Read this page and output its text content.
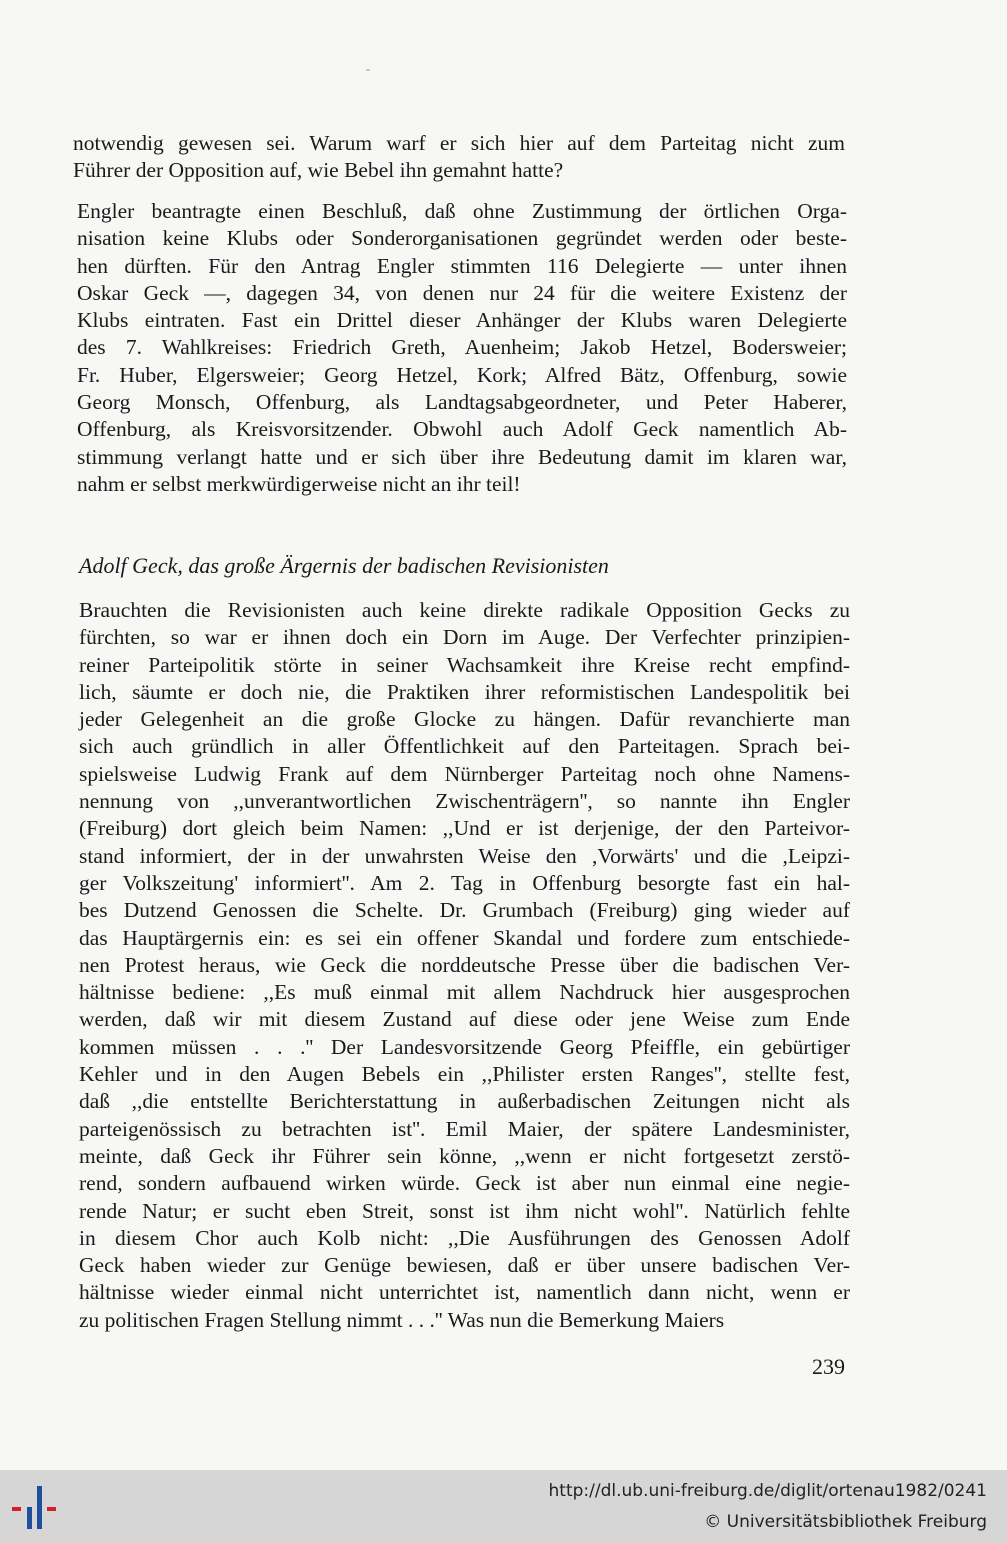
-
notwendig gewesen sei. Warum warf er sich hier auf dem Parteitag nicht zum
Führer der Opposition auf, wie Bebel ihn gemahnt hatte?
Engler beantragte einen Beschluß, daß ohne Zustimmung der örtlichen Orga-
nisation keine Klubs oder Sonderorganisationen gegründet werden oder beste-
hen dürften. Für den Antrag Engler stimmten 116 Delegierte — unter ihnen
Oskar Geck —, dagegen 34, von denen nur 24 für die weitere Existenz der
Klubs eintraten. Fast ein Drittel dieser Anhänger der Klubs waren Delegierte
des 7. Wahlkreises: Friedrich Greth, Auenheim; Jakob Hetzel, Bodersweier;
Fr. Huber, Elgersweier; Georg Hetzel, Kork; Alfred Bätz, Offenburg, sowie
Georg Monsch, Offenburg, als Landtagsabgeordneter, und Peter Haberer,
Offenburg, als Kreisvorsitzender. Obwohl auch Adolf Geck namentlich Ab-
stimmung verlangt hatte und er sich über ihre Bedeutung damit im klaren war,
nahm er selbst merkwürdigerweise nicht an ihr teil!
Adolf Geck, das große Ärgernis der badischen Revisionisten
Brauchten die Revisionisten auch keine direkte radikale Opposition Gecks zu
fürchten, so war er ihnen doch ein Dorn im Auge. Der Verfechter prinzipien-
reiner Parteipolitik störte in seiner Wachsamkeit ihre Kreise recht empfind-
lich, säumte er doch nie, die Praktiken ihrer reformistischen Landespolitik bei
jeder Gelegenheit an die große Glocke zu hängen. Dafür revanchierte man
sich auch gründlich in aller Öffentlichkeit auf den Parteitagen. Sprach bei-
spielsweise Ludwig Frank auf dem Nürnberger Parteitag noch ohne Namens-
nennung von ,,unverantwortlichen Zwischenträgern'', so nannte ihn Engler
(Freiburg) dort gleich beim Namen: ,,Und er ist derjenige, der den Parteivor-
stand informiert, der in der unwahrsten Weise den ,Vorwärts' und die ,Leipzi-
ger Volkszeitung' informiert''. Am 2. Tag in Offenburg besorgte fast ein hal-
bes Dutzend Genossen die Schelte. Dr. Grumbach (Freiburg) ging wieder auf
das Hauptärgernis ein: es sei ein offener Skandal und fordere zum entschiede-
nen Protest heraus, wie Geck die norddeutsche Presse über die badischen Ver-
hältnisse bediene: ,,Es muß einmal mit allem Nachdruck hier ausgesprochen
werden, daß wir mit diesem Zustand auf diese oder jene Weise zum Ende
kommen müssen . . .'' Der Landesvorsitzende Georg Pfeiffle, ein gebürtiger
Kehler und in den Augen Bebels ein ,,Philister ersten Ranges'', stellte fest,
daß ,,die entstellte Berichterstattung in außerbadischen Zeitungen nicht als
parteigenössisch zu betrachten ist''. Emil Maier, der spätere Landesminister,
meinte, daß Geck ihr Führer sein könne, ,,wenn er nicht fortgesetzt zerstö-
rend, sondern aufbauend wirken würde. Geck ist aber nun einmal eine negie-
rende Natur; er sucht eben Streit, sonst ist ihm nicht wohl''. Natürlich fehlte
in diesem Chor auch Kolb nicht: ,,Die Ausführungen des Genossen Adolf
Geck haben wieder zur Genüge bewiesen, daß er über unsere badischen Ver-
hältnisse wieder einmal nicht unterrichtet ist, namentlich dann nicht, wenn er
zu politischen Fragen Stellung nimmt . . .'' Was nun die Bemerkung Maiers
239
http://dl.ub.uni-freiburg.de/diglit/ortenau1982/0241
© Universitätsbibliothek Freiburg
